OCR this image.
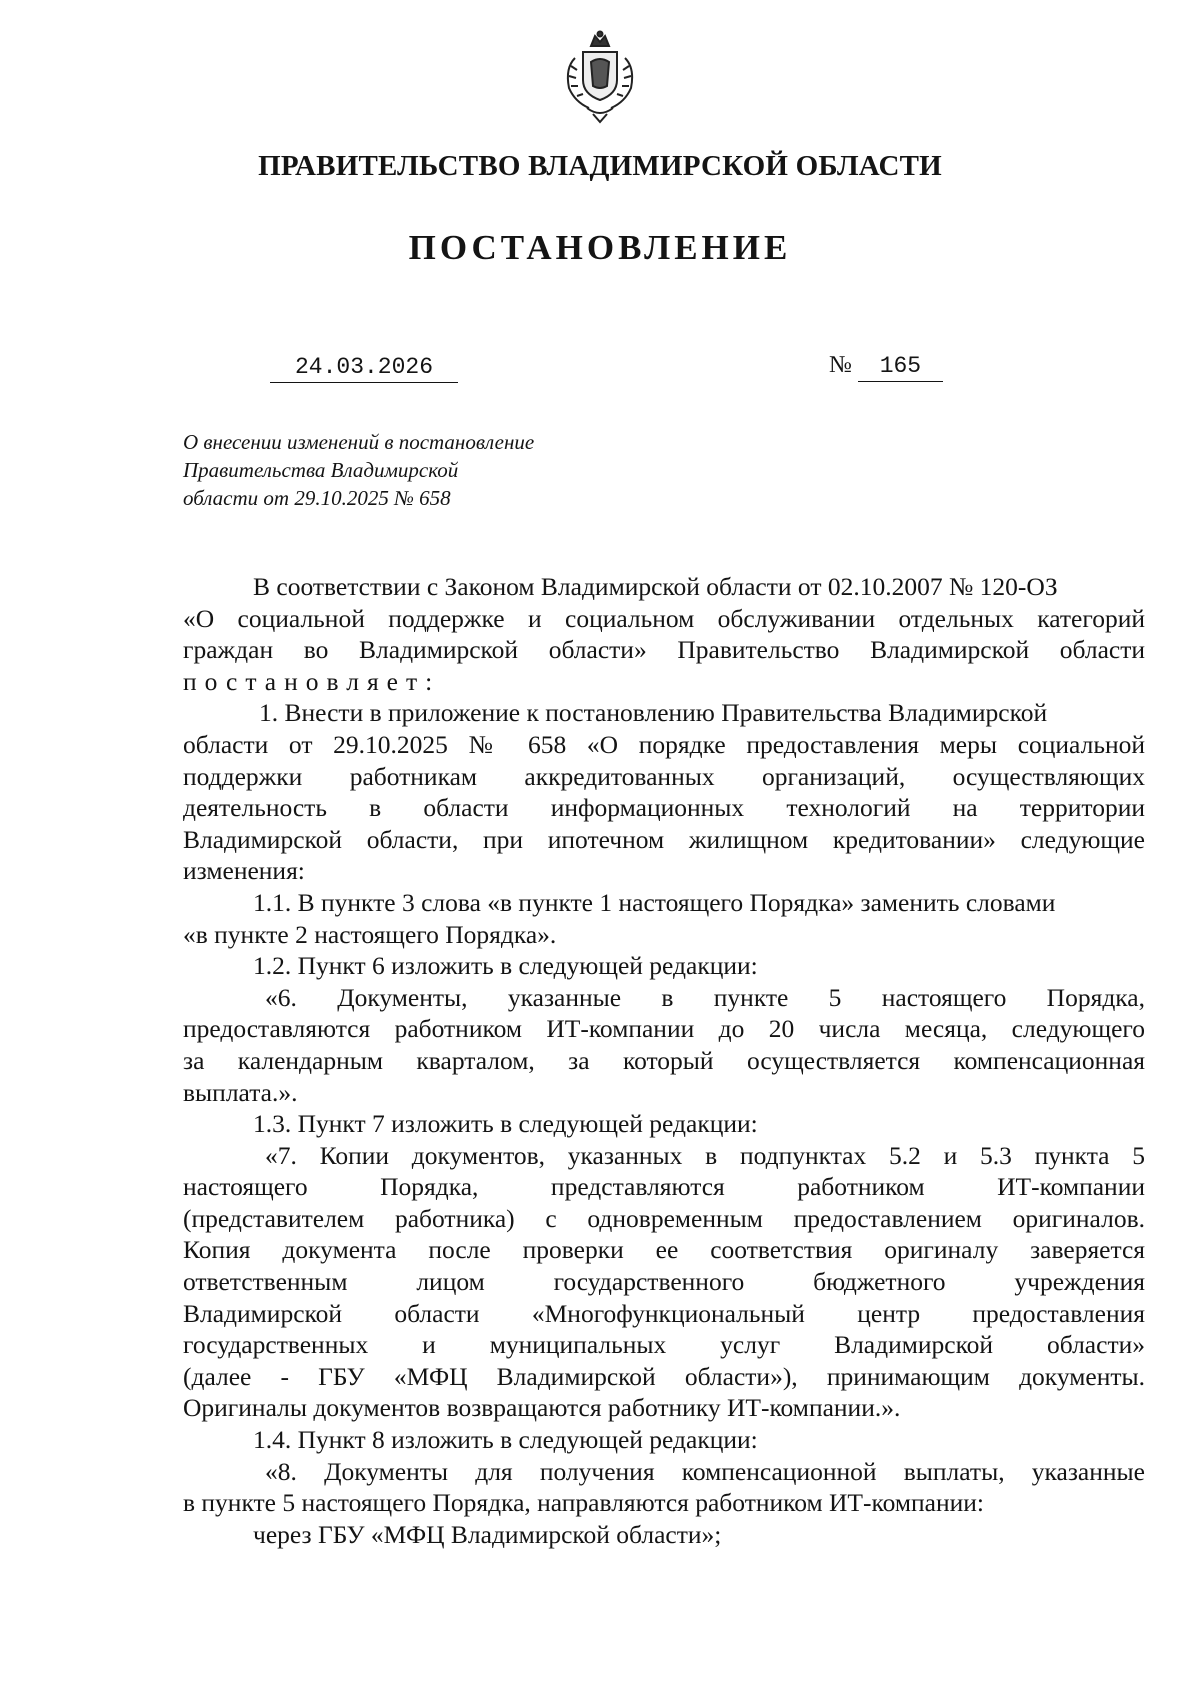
ПРАВИТЕЛЬСТВО ВЛАДИМИРСКОЙ ОБЛАСТИ
ПОСТАНОВЛЕНИЕ
24.03.2026	№ 165
О внесении изменений в постановление
Правительства Владимирской
области от 29.10.2025 № 658
В соответствии с Законом Владимирской области от 02.10.2007 № 120-ОЗ
«О социальной поддержке и социальном обслуживании отдельных категорий
граждан во Владимирской области» Правительство Владимирской области
постановляет:
1. Внести в приложение к постановлению Правительства Владимирской
области от 29.10.2025 № 658 «О порядке предоставления меры социальной
поддержки работникам аккредитованных организаций, осуществляющих
деятельность в области информационных технологий на территории
Владимирской области, при ипотечном жилищном кредитовании» следующие
изменения:
1.1. В пункте 3 слова «в пункте 1 настоящего Порядка» заменить словами
«в пункте 2 настоящего Порядка».
1.2. Пункт 6 изложить в следующей редакции:
«6. Документы, указанные в пункте 5 настоящего Порядка,
предоставляются работником ИТ-компании до 20 числа месяца, следующего
за календарным кварталом, за который осуществляется компенсационная
выплата.».
1.3. Пункт 7 изложить в следующей редакции:
«7. Копии документов, указанных в подпунктах 5.2 и 5.3 пункта 5
настоящего Порядка, представляются работником ИТ-компании
(представителем работника) с одновременным предоставлением оригиналов.
Копия документа после проверки ее соответствия оригиналу заверяется
ответственным лицом государственного бюджетного учреждения
Владимирской области «Многофункциональный центр предоставления
государственных и муниципальных услуг Владимирской области»
(далее - ГБУ «МФЦ Владимирской области»), принимающим документы.
Оригиналы документов возвращаются работнику ИТ-компании.».
1.4. Пункт 8 изложить в следующей редакции:
«8. Документы для получения компенсационной выплаты, указанные
в пункте 5 настоящего Порядка, направляются работником ИТ-компании:
через ГБУ «МФЦ Владимирской области»;
